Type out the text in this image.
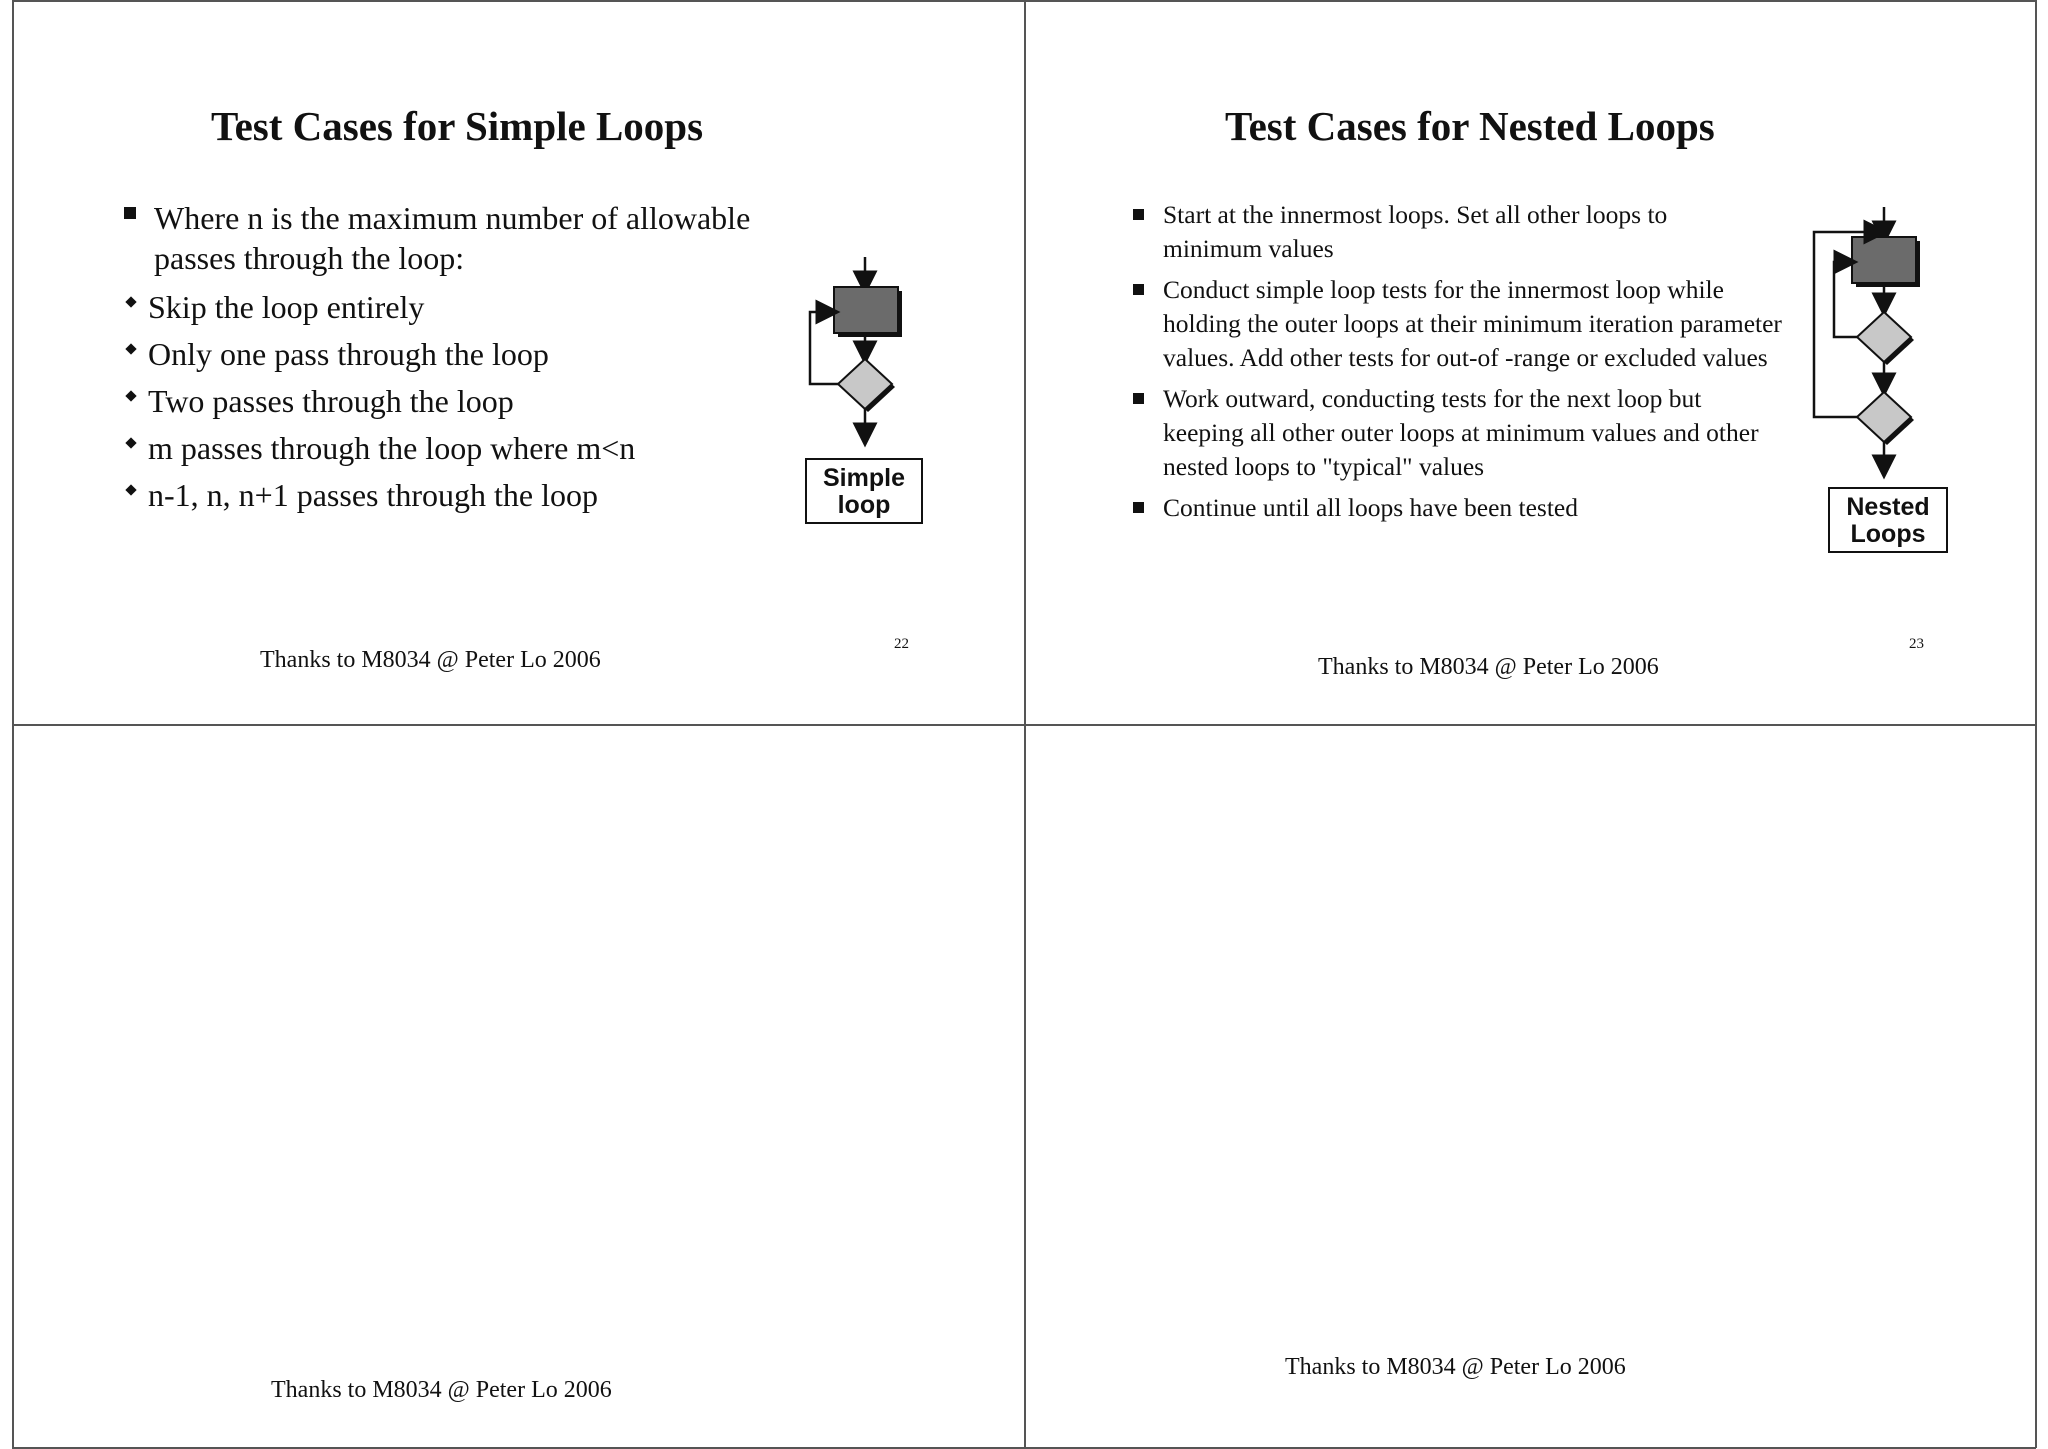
Test Cases for Simple Loops
Where n is the maximum number of allowable passes through the loop:
Skip the loop entirely
Only one pass through the loop
Two passes through the loop
m passes through the loop where m<n
n-1, n, n+1 passes through the loop	Simple
loop
Thanks to M8034 @ Peter Lo 2006
22
Test Cases for Nested Loops
Start at the innermost loops. Set all other loops to minimum values
Conduct simple loop tests for the innermost loop while holding the outer loops at their minimum iteration parameter values. Add other tests for out-of -range or excluded values
Work outward, conducting tests for the next loop but keeping all other outer loops at minimum values and other nested loops to "typical" values
Continue until all loops have been tested	Nested
Loops
Thanks to M8034 @ Peter Lo 2006
23
Thanks to M8034 @ Peter Lo 2006
Thanks to M8034 @ Peter Lo 2006
